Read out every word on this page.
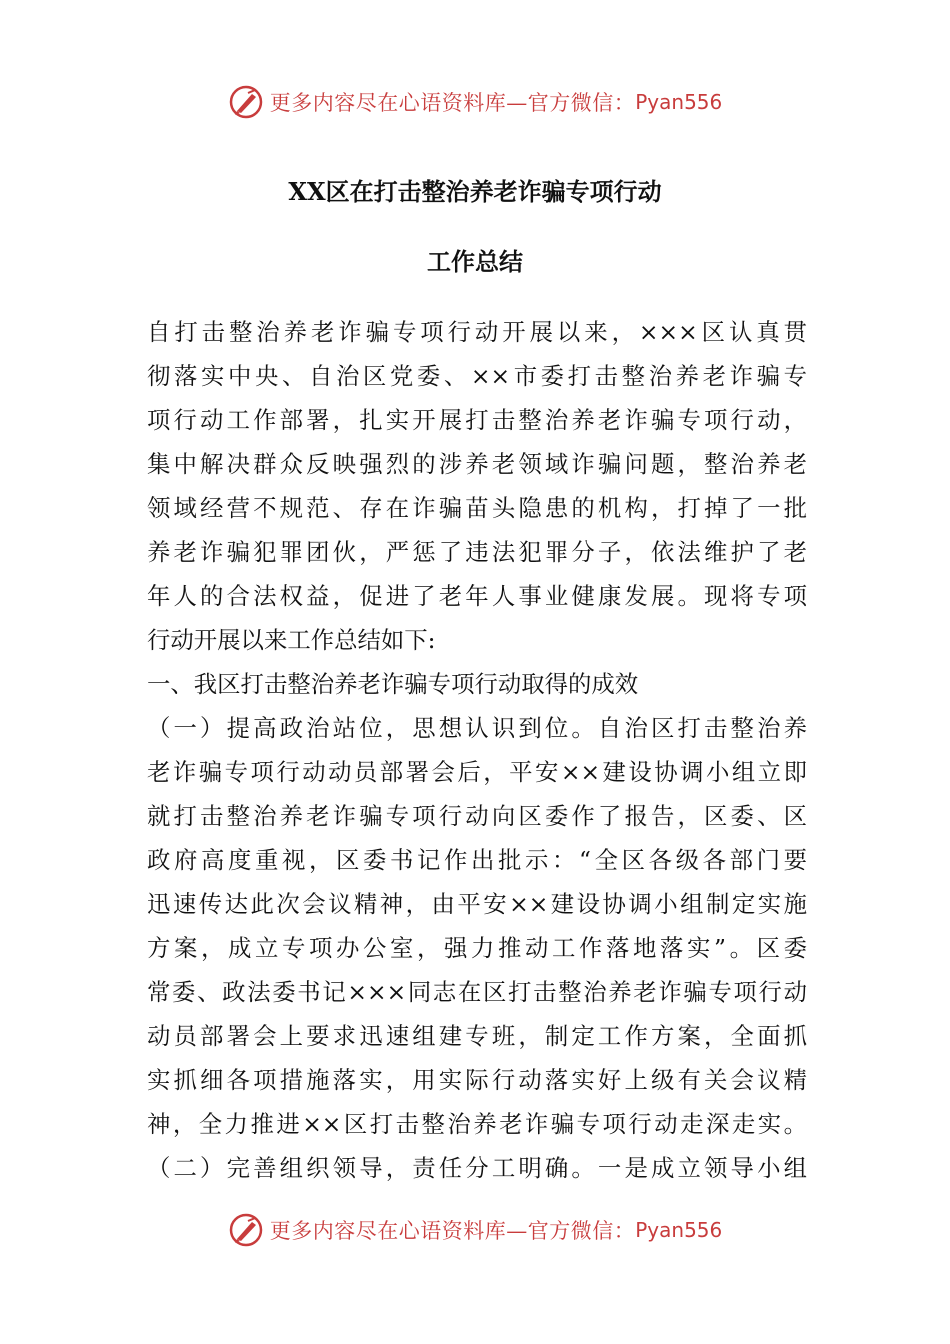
更多内容尽在心语资料库—官方微信： Pyan556
XX区在打击整治养老诈骗专项行动
工作总结

自打击整治养老诈骗专项行动开展以来，×××区认真贯

彻落实中央、自治区党委、××市委打击整治养老诈骗专

项行动工作部署，扎实开展打击整治养老诈骗专项行动，

集中解决群众反映强烈的涉养老领域诈骗问题，整治养老

领域经营不规范、存在诈骗苗头隐患的机构，打掉了一批

养老诈骗犯罪团伙，严惩了违法犯罪分子，依法维护了老

年人的合法权益，促进了老年人事业健康发展。现将专项

行动开展以来工作总结如下:

一、我区打击整治养老诈骗专项行动取得的成效

（一）提高政治站位，思想认识到位。自治区打击整治养

老诈骗专项行动动员部署会后，平安××建设协调小组立即

就打击整治养老诈骗专项行动向区委作了报告，区委、区

政府高度重视，区委书记作出批示：“全区各级各部门要

迅速传达此次会议精神，由平安××建设协调小组制定实施

方案，成立专项办公室，强力推动工作落地落实”。区委

常委、政法委书记×××同志在区打击整治养老诈骗专项行动

动员部署会上要求迅速组建专班，制定工作方案，全面抓

实抓细各项措施落实，用实际行动落实好上级有关会议精

神，全力推进××区打击整治养老诈骗专项行动走深走实。

（二）完善组织领导，责任分工明确。一是成立领导小组

更多内容尽在心语资料库—官方微信： Pyan556
